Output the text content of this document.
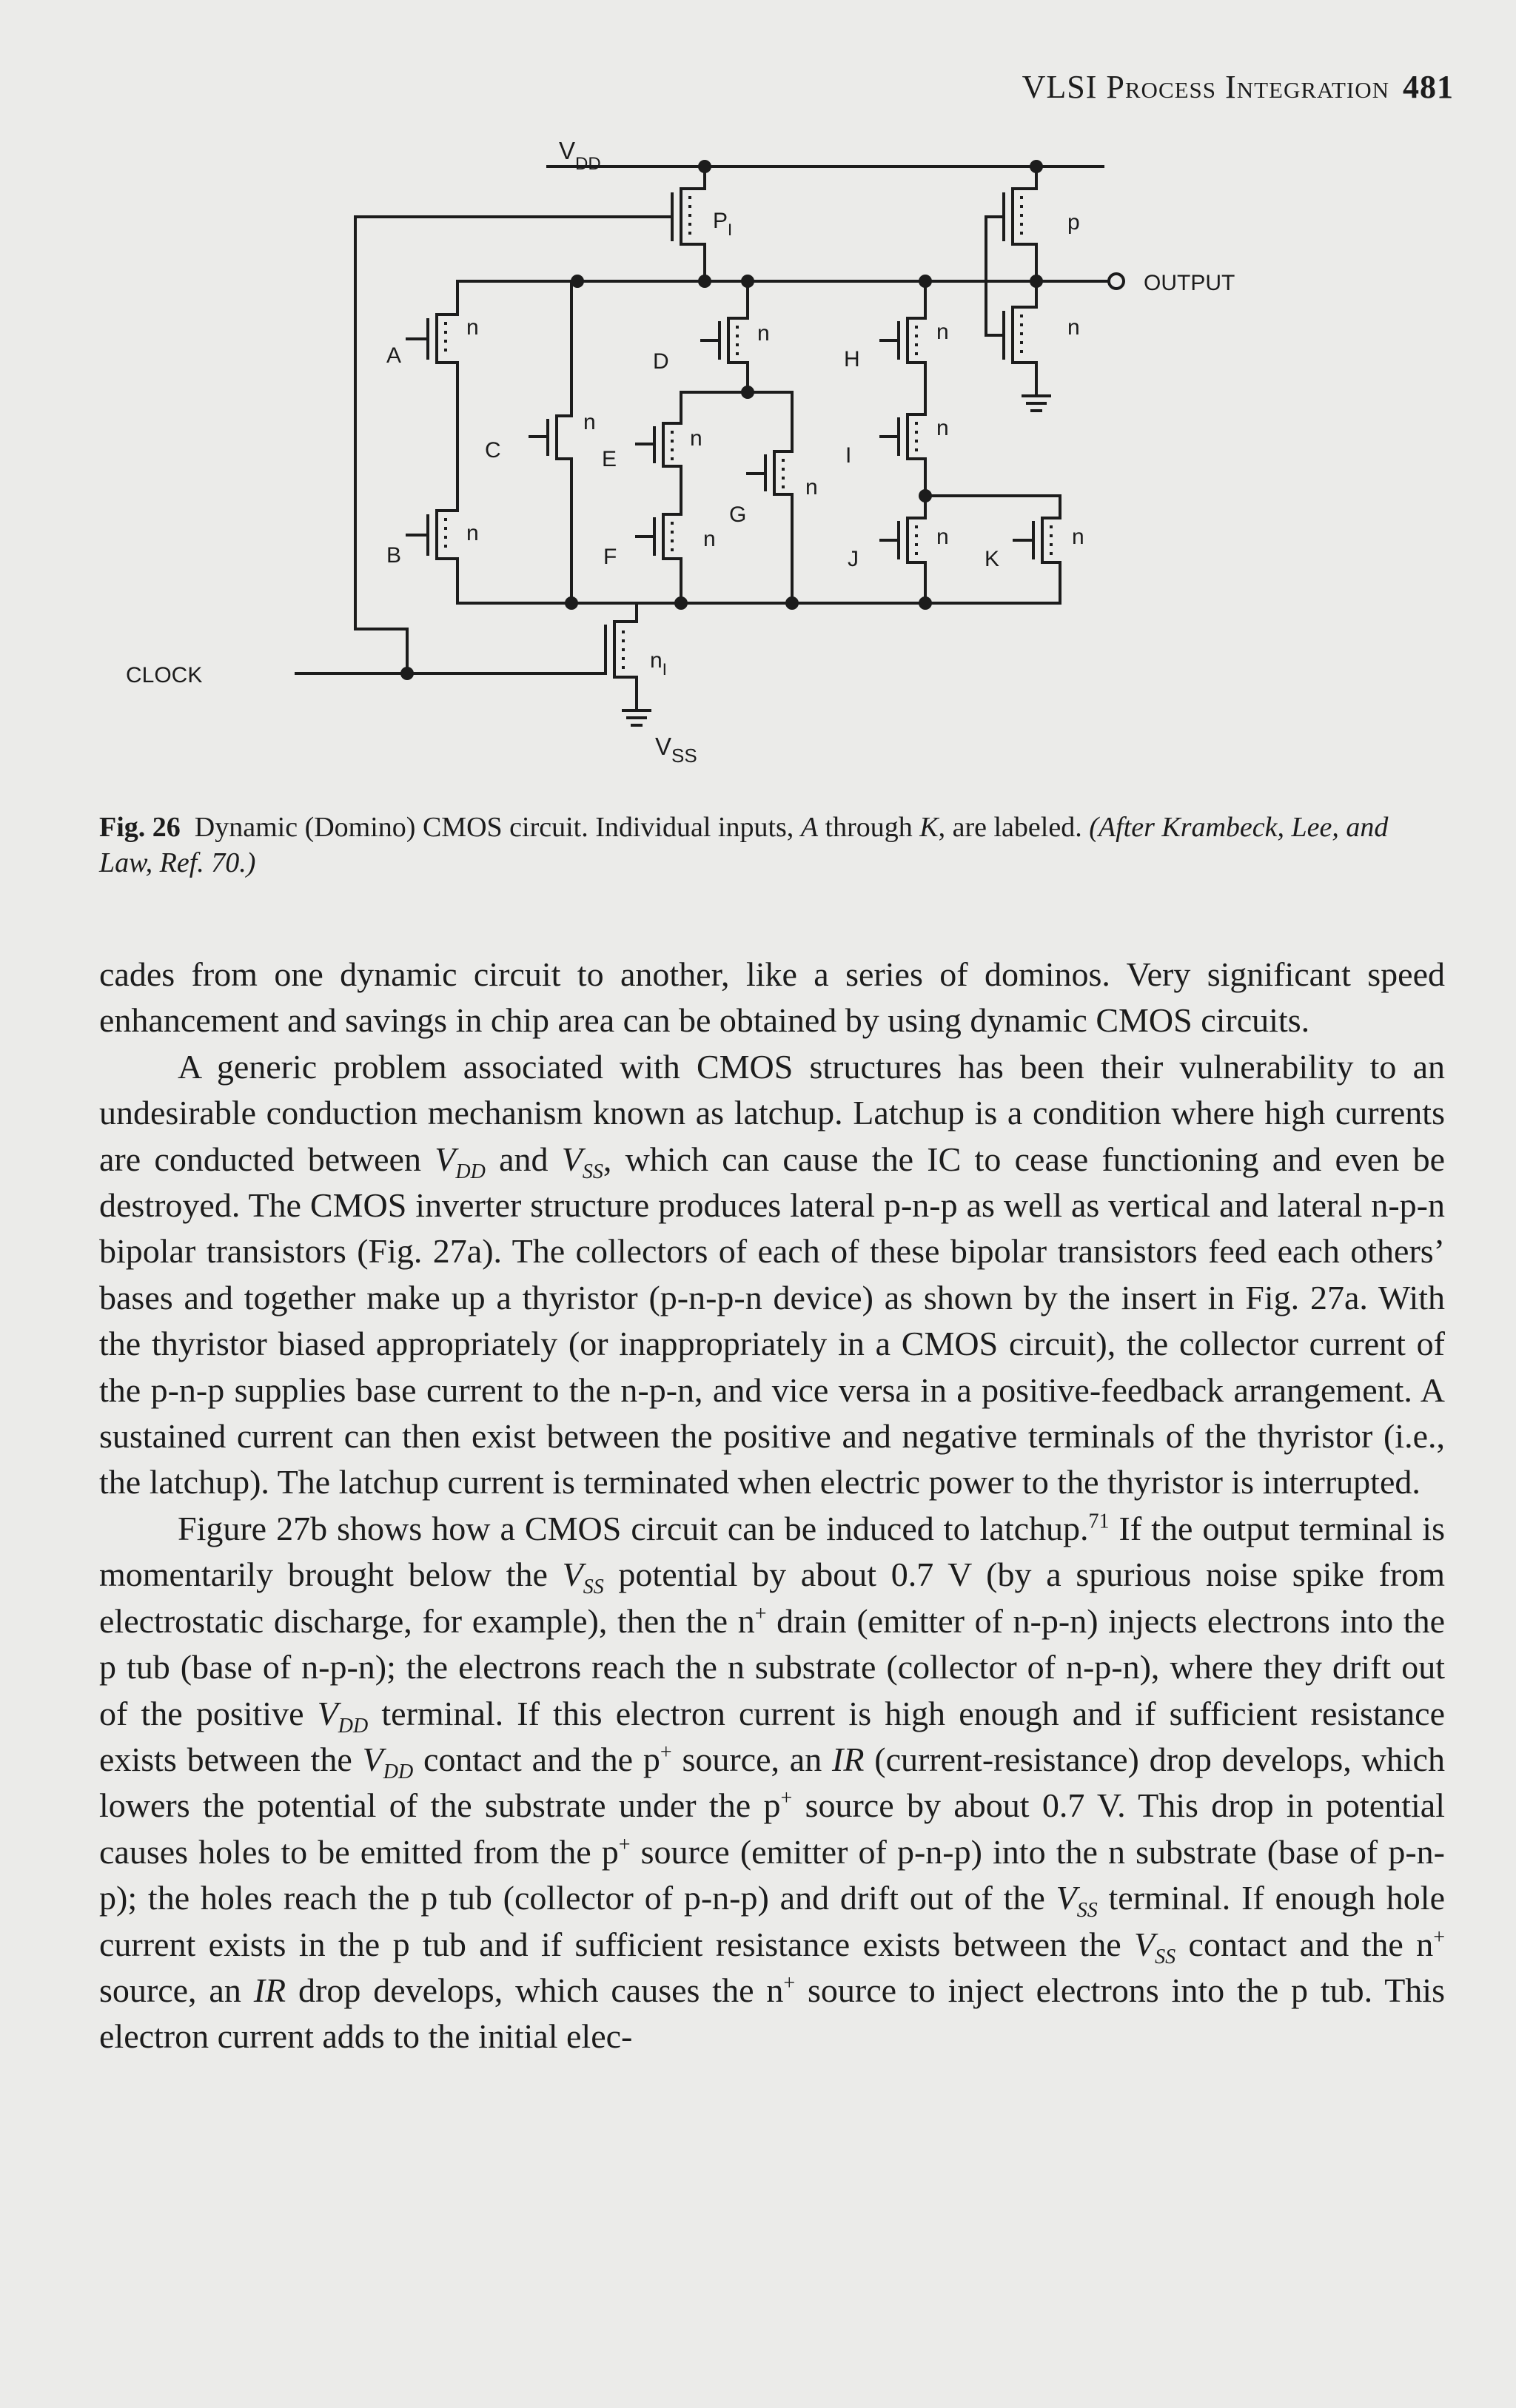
VLSI Process Integration 481
$V_{DD}$
$P_I$	p
OUTPUT
n
A
n
B
n
C
n
D
n
E
n
F
n
G
n
H
n
I
n
J
n
K
n
CLOCK
$n_I$
$V_{SS}$
Fig. 26 Dynamic (Domino) CMOS circuit. Individual inputs, A through K, are labeled. (After Krambeck, Lee, and Law, Ref. 70.)

cades from one dynamic circuit to another, like a series of dominos. Very significant speed enhancement and savings in chip area can be obtained by using dynamic CMOS circuits.

A generic problem associated with CMOS structures has been their vulnerability to an undesirable conduction mechanism known as latchup. Latchup is a condition where high currents are conducted between $V_{DD}$ and $V_{SS}$, which can cause the IC to cease functioning and even be destroyed. The CMOS inverter structure produces lateral p-n-p as well as vertical and lateral n-p-n bipolar transistors (Fig. 27a). The collectors of each of these bipolar transistors feed each others’ bases and together make up a thyristor (p-n-p-n device) as shown by the insert in Fig. 27a. With the thyristor biased appropriately (or inappropriately in a CMOS circuit), the collector current of the p-n-p supplies base current to the n-p-n, and vice versa in a positive-feedback arrangement. A sustained current can then exist between the positive and negative terminals of the thyristor (i.e., the latchup). The latchup current is terminated when electric power to the thyristor is interrupted.

Figure 27b shows how a CMOS circuit can be induced to latchup.$^{71}$ If the output terminal is momentarily brought below the $V_{SS}$ potential by about 0.7 V (by a spurious noise spike from electrostatic discharge, for example), then the n+ drain (emitter of n-p-n) injects electrons into the p tub (base of n-p-n); the electrons reach the n substrate (collector of n-p-n), where they drift out of the positive $V_{DD}$ terminal. If this electron current is high enough and if sufficient resistance exists between the $V_{DD}$ contact and the p+ source, an IR (current-resistance) drop develops, which lowers the potential of the substrate under the p+ source by about 0.7 V. This drop in potential causes holes to be emitted from the p+ source (emitter of p-n-p) into the n substrate (base of p-n-p); the holes reach the p tub (collector of p-n-p) and drift out of the $V_{SS}$ terminal. If enough hole current exists in the p tub and if sufficient resistance exists between the $V_{SS}$ contact and the n+ source, an IR drop develops, which causes the n+ source to inject electrons into the p tub. This electron current adds to the initial elec-
